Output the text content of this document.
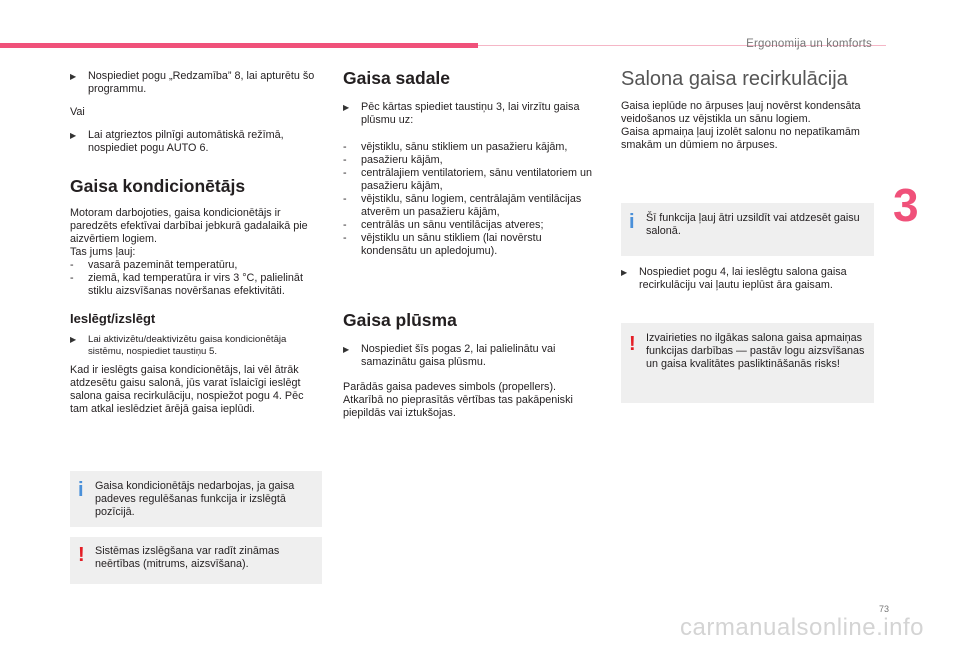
Ergonomija un komforts
3

▶ Nospiediet pogu „Redzamība” 8, lai apturētu šo programmu.

Vai

▶ Lai atgrieztos pilnīgi automātiskā režīmā, nospiediet pogu AUTO 6.

Gaisa kondicionētājs

Motoram darbojoties, gaisa kondicionētājs ir paredzēts efektīvai darbībai jebkurā gadalaikā pie aizvērtiem logiem.

Tas jums ļauj:

- vasarā pazemināt temperatūru,

- ziemā, kad temperatūra ir virs 3 °C, palielināt stiklu aizsvīšanas novēršanas efektivitāti.

Ieslēgt/izslēgt

▶ Lai aktivizētu/deaktivizētu gaisa kondicionētāja sistēmu, nospiediet taustiņu 5.

Kad ir ieslēgts gaisa kondicionētājs, lai vēl ātrāk atdzesētu gaisu salonā, jūs varat īslaicīgi ieslēgt salona gaisa recirkulāciju, nospiežot pogu 4. Pēc tam atkal ieslēdziet ārējā gaisa ieplūdi.

i Gaisa kondicionētājs nedarbojas, ja gaisa padeves regulēšanas funkcija ir izslēgtā pozīcijā.
! Sistēmas izslēgšana var radīt zināmas neērtības (mitrums, aizsvīšana).
Gaisa sadale

▶ Pēc kārtas spiediet taustiņu 3, lai virzītu gaisa plūsmu uz:

- vējstiklu, sānu stikliem un pasažieru kājām,

- pasažieru kājām,

- centrālajiem ventilatoriem, sānu ventilatoriem un pasažieru kājām,

- vējstiklu, sānu logiem, centrālajām ventilācijas atverēm un pasažieru kājām,

- centrālās un sānu ventilācijas atveres;

- vējstiklu un sānu stikliem (lai novērstu kondensātu un apledojumu).

Gaisa plūsma

▶ Nospiediet šīs pogas 2, lai palielinātu vai samazinātu gaisa plūsmu.

Parādās gaisa padeves simbols (propellers). Atkarībā no pieprasītās vērtības tas pakāpeniski piepildās vai iztukšojas.

Salona gaisa recirkulācija

Gaisa ieplūde no ārpuses ļauj novērst kondensāta veidošanos uz vējstikla un sānu logiem.

Gaisa apmaiņa ļauj izolēt salonu no nepatīkamām smakām un dūmiem no ārpuses.

i Šī funkcija ļauj ātri uzsildīt vai atdzesēt gaisu salonā.

▶ Nospiediet pogu 4, lai ieslēgtu salona gaisa recirkulāciju vai ļautu ieplūst āra gaisam.

! Izvairieties no ilgākas salona gaisa apmaiņas funkcijas darbības — pastāv logu aizsvīšanas un gaisa kvalitātes pasliktināšanās risks!
73
carmanualsonline.info
